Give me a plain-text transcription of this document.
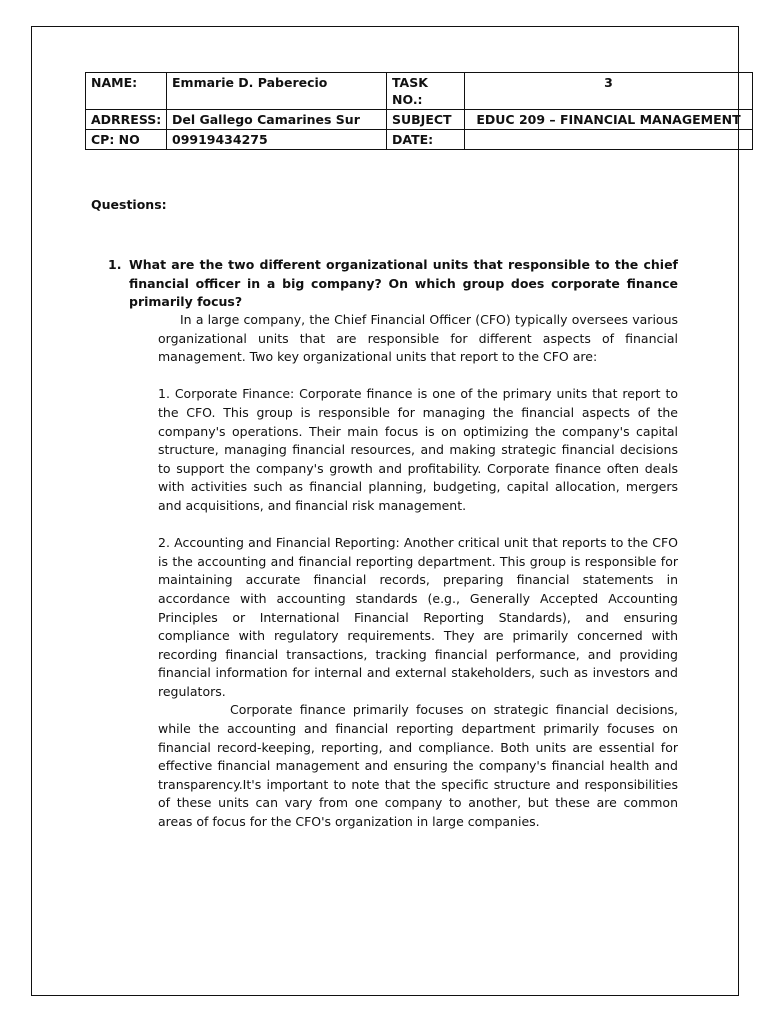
NAME:	Emmarie D. Paberecio	TASK NO.:	3
ADRRESS:	Del Gallego Camarines Sur	SUBJECT	EDUC 209 – FINANCIAL MANAGEMENT
CP: NO	09919434275	DATE:	
Questions:
1. What are the two different organizational units that responsible to the chief financial officer in a big company? On which group does corporate finance primarily focus?

In a large company, the Chief Financial Officer (CFO) typically oversees various organizational units that are responsible for different aspects of financial management. Two key organizational units that report to the CFO are:

1. Corporate Finance: Corporate finance is one of the primary units that report to the CFO. This group is responsible for managing the financial aspects of the company's operations. Their main focus is on optimizing the company's capital structure, managing financial resources, and making strategic financial decisions to support the company's growth and profitability. Corporate finance often deals with activities such as financial planning, budgeting, capital allocation, mergers and acquisitions, and financial risk management.

2. Accounting and Financial Reporting: Another critical unit that reports to the CFO is the accounting and financial reporting department. This group is responsible for maintaining accurate financial records, preparing financial statements in accordance with accounting standards (e.g., Generally Accepted Accounting Principles or International Financial Reporting Standards), and ensuring compliance with regulatory requirements. They are primarily concerned with recording financial transactions, tracking financial performance, and providing financial information for internal and external stakeholders, such as investors and regulators.

Corporate finance primarily focuses on strategic financial decisions, while the accounting and financial reporting department primarily focuses on financial record-keeping, reporting, and compliance. Both units are essential for effective financial management and ensuring the company's financial health and transparency.It's important to note that the specific structure and responsibilities of these units can vary from one company to another, but these are common areas of focus for the CFO's organization in large companies.
